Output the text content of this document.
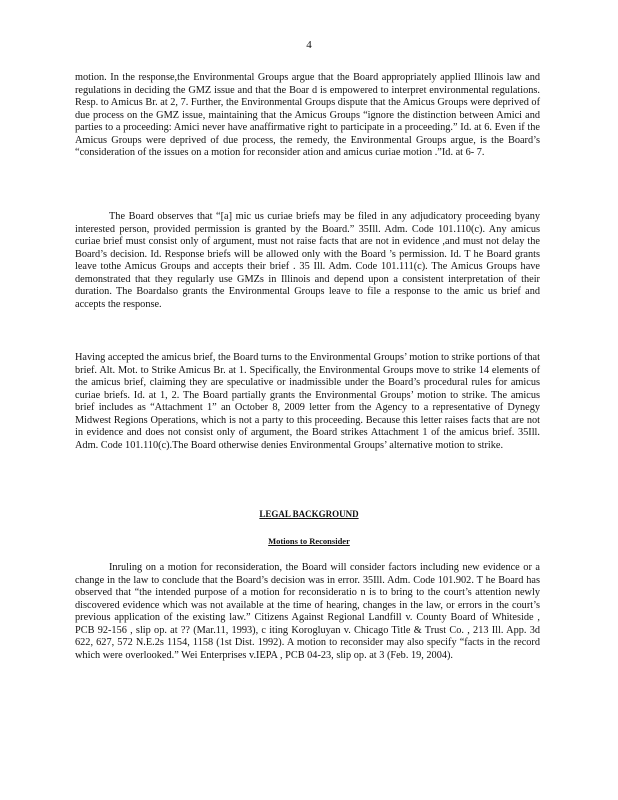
4

motion. In the response,the Environmental Groups argue that the Board appropriately applied Illinois law and regulations in deciding the GMZ issue and that the Boar d is empowered to interpret environmental regulations. Resp. to Amicus Br. at 2, 7. Further, the Environmental Groups dispute that the Amicus Groups were deprived of due process on the GMZ issue, maintaining that the Amicus Groups “ignore the distinction between Amici and parties to a proceeding: Amici never have anaffirmative right to participate in a proceeding.” Id. at 6. Even if the Amicus Groups were deprived of due process, the remedy, the Environmental Groups argue, is the Board’s “consideration of the issues on a motion for reconsider ation and amicus curiae motion .”Id. at 6- 7.

The Board observes that “[a] mic us curiae briefs may be filed in any adjudicatory proceeding byany interested person, provided permission is granted by the Board.” 35Ill. Adm. Code 101.110(c). Any amicus curiae brief must consist only of argument, must not raise facts that are not in evidence ,and must not delay the Board’s decision. Id. Response briefs will be allowed only with the Board ’s permission. Id. T he Board grants leave tothe Amicus Groups and accepts their brief . 35 Ill. Adm. Code 101.111(c). The Amicus Groups have demonstrated that they regularly use GMZs in Illinois and depend upon a consistent interpretation of their duration. The Boardalso grants the Environmental Groups leave to file a response to the amic us brief and accepts the response.

Having accepted the amicus brief, the Board turns to the Environmental Groups’ motion to strike portions of that brief. Alt. Mot. to Strike Amicus Br. at 1. Specifically, the Environmental Groups move to strike 14 elements of the amicus brief, claiming they are speculative or inadmissible under the Board’s procedural rules for amicus curiae briefs. Id. at 1, 2. The Board partially grants the Environmental Groups’ motion to strike. The amicus brief includes as “Attachment 1” an October 8, 2009 letter from the Agency to a representative of Dynegy Midwest Regions Operations, which is not a party to this proceeding. Because this letter raises facts that are not in evidence and does not consist only of argument, the Board strikes Attachment 1 of the amicus brief. 35Ill. Adm. Code 101.110(c).The Board otherwise denies Environmental Groups’ alternative motion to strike.

LEGAL BACKGROUND
Motions to Reconsider

Inruling on a motion for reconsideration, the Board will consider factors including new evidence or a change in the law to conclude that the Board’s decision was in error. 35Ill. Adm. Code 101.902. T he Board has observed that “the intended purpose of a motion for reconsideratio n is to bring to the court’s attention newly discovered evidence which was not available at the time of hearing, changes in the law, or errors in the court’s previous application of the existing law.” Citizens Against Regional Landfill v. County Board of Whiteside , PCB 92-156 , slip op. at ?? (Mar.11, 1993), c iting Korogluyan v. Chicago Title & Trust Co. , 213 Ill. App. 3d 622, 627, 572 N.E.2s 1154, 1158 (1st Dist. 1992). A motion to reconsider may also specify “facts in the record which were overlooked.” Wei Enterprises v.IEPA , PCB 04-23, slip op. at 3 (Feb. 19, 2004).
